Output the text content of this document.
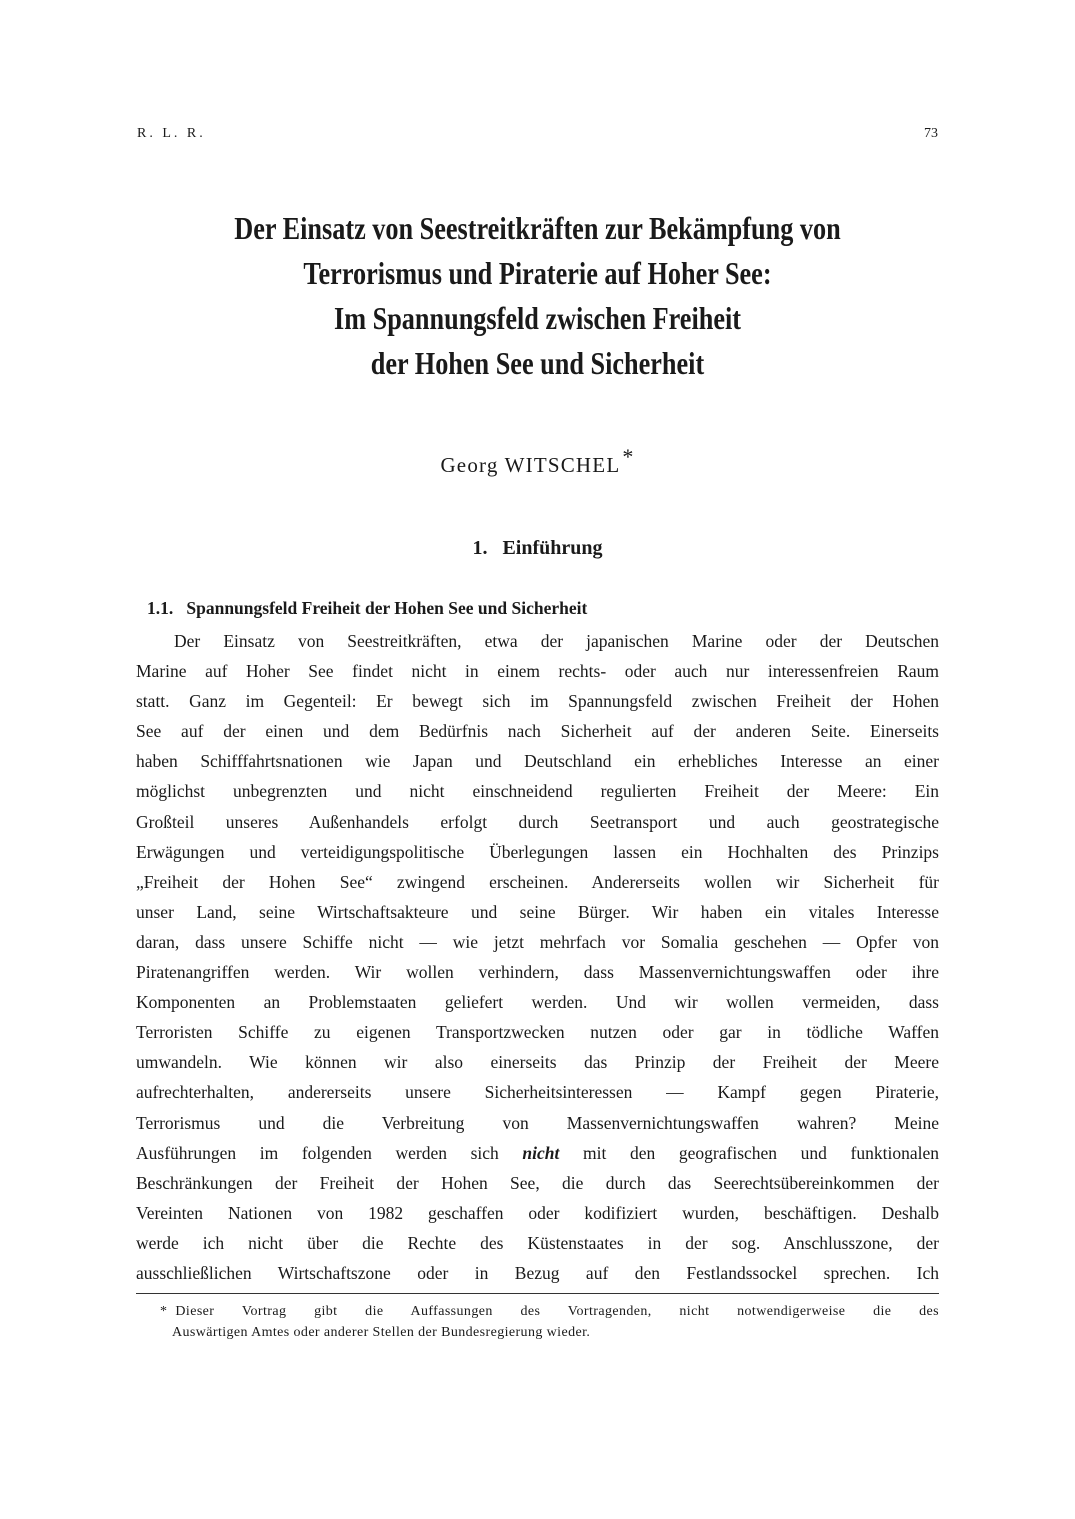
R. L. R.	73
Der Einsatz von Seestreitkräften zur Bekämpfung von
Terrorismus und Piraterie auf Hoher See:
Im Spannungsfeld zwischen Freiheit
der Hohen See und Sicherheit
Georg WITSCHEL*
1.   Einführung
1.1.   Spannungsfeld Freiheit der Hohen See und Sicherheit
Der Einsatz von Seestreitkräften, etwa der japanischen Marine oder der Deutschen
Marine auf Hoher See findet nicht in einem rechts- oder auch nur interessenfreien Raum
statt. Ganz im Gegenteil: Er bewegt sich im Spannungsfeld zwischen Freiheit der Hohen
See auf der einen und dem Bedürfnis nach Sicherheit auf der anderen Seite. Einerseits
haben Schifffahrtsnationen wie Japan und Deutschland ein erhebliches Interesse an einer
möglichst unbegrenzten und nicht einschneidend regulierten Freiheit der Meere: Ein
Großteil unseres Außenhandels erfolgt durch Seetransport und auch geostrategische
Erwägungen und verteidigungspolitische Überlegungen lassen ein Hochhalten des Prinzips
„Freiheit der Hohen See“ zwingend erscheinen. Andererseits wollen wir Sicherheit für
unser Land, seine Wirtschaftsakteure und seine Bürger. Wir haben ein vitales Interesse
daran, dass unsere Schiffe nicht — wie jetzt mehrfach vor Somalia geschehen — Opfer von
Piratenangriffen werden. Wir wollen verhindern, dass Massenvernichtungswaffen oder ihre
Komponenten an Problemstaaten geliefert werden. Und wir wollen vermeiden, dass
Terroristen Schiffe zu eigenen Transportzwecken nutzen oder gar in tödliche Waffen
umwandeln. Wie können wir also einerseits das Prinzip der Freiheit der Meere
aufrechterhalten, andererseits unsere Sicherheitsinteressen — Kampf gegen Piraterie,
Terrorismus und die Verbreitung von Massenvernichtungswaffen wahren? Meine
Ausführungen im folgenden werden sich nicht mit den geografischen und funktionalen
Beschränkungen der Freiheit der Hohen See, die durch das Seerechtsübereinkommen der
Vereinten Nationen von 1982 geschaffen oder kodifiziert wurden, beschäftigen. Deshalb
werde ich nicht über die Rechte des Küstenstaates in der sog. Anschlusszone, der
ausschließlichen Wirtschaftszone oder in Bezug auf den Festlandssockel sprechen. Ich
* Dieser Vortrag gibt die Auffassungen des Vortragenden, nicht notwendigerweise die des
Auswärtigen Amtes oder anderer Stellen der Bundesregierung wieder.
